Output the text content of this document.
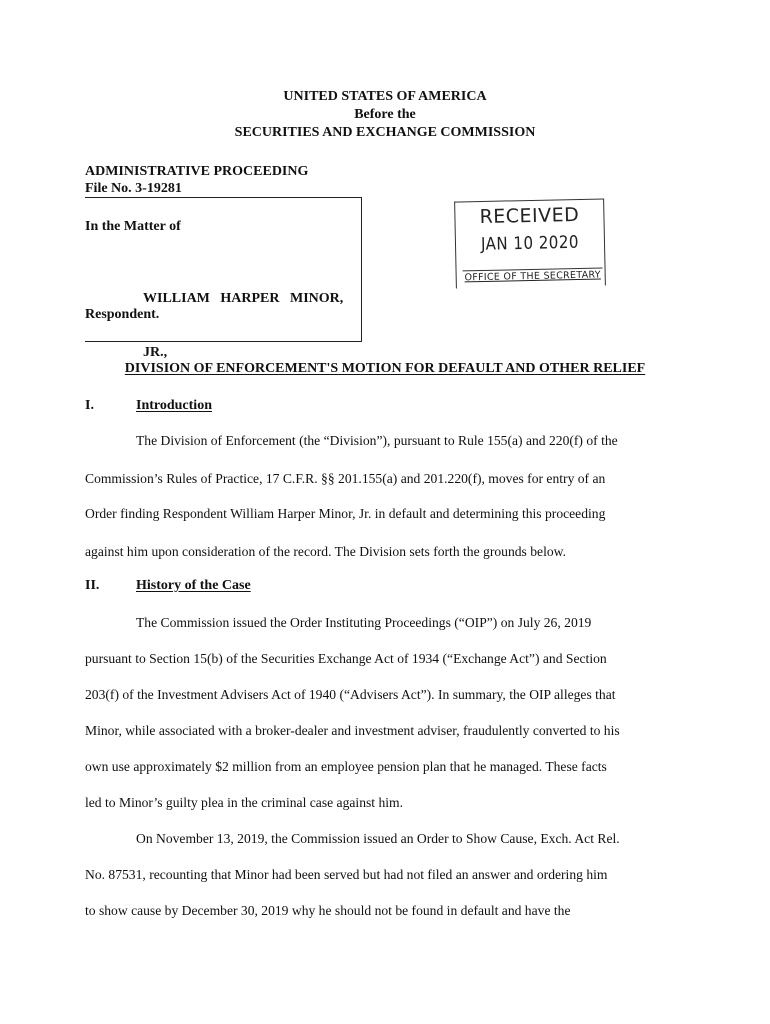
UNITED STATES OF AMERICA
Before the
SECURITIES AND EXCHANGE COMMISSION
ADMINISTRATIVE PROCEEDING
File No. 3-19281
In the Matter of

WILLIAM   HARPER   MINOR,

JR.,

Respondent.
RECEIVED
JAN 10 2020
OFFICE OF THE SECRETARY
DIVISION OF ENFORCEMENT'S MOTION FOR DEFAULT AND OTHER RELIEF
I.	Introduction
The Division of Enforcement (the “Division”), pursuant to Rule 155(a) and 220(f) of the
Commission’s Rules of Practice, 17 C.F.R. §§ 201.155(a) and 201.220(f), moves for entry of an
Order finding Respondent William Harper Minor, Jr. in default and determining this proceeding
against him upon consideration of the record. The Division sets forth the grounds below.
II.	History of the Case
The Commission issued the Order Instituting Proceedings (“OIP”) on July 26, 2019
pursuant to Section 15(b) of the Securities Exchange Act of 1934 (“Exchange Act”) and Section
203(f) of the Investment Advisers Act of 1940 (“Advisers Act”). In summary, the OIP alleges that
Minor, while associated with a broker-dealer and investment adviser, fraudulently converted to his
own use approximately $2 million from an employee pension plan that he managed. These facts
led to Minor’s guilty plea in the criminal case against him.
On November 13, 2019, the Commission issued an Order to Show Cause, Exch. Act Rel.
No. 87531, recounting that Minor had been served but had not filed an answer and ordering him
to show cause by December 30, 2019 why he should not be found in default and have the
